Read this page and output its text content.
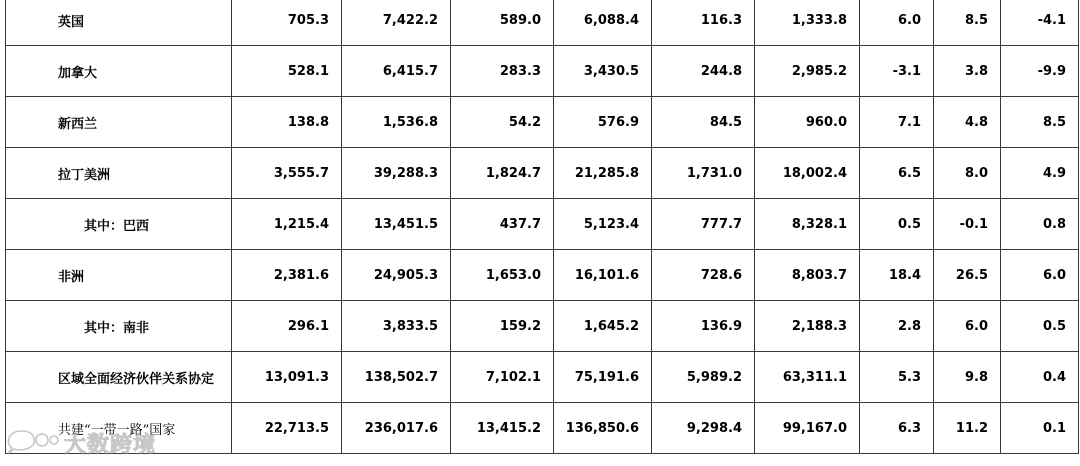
英国	705.3	7,422.2	589.0	6,088.4	116.3	1,333.8	6.0	8.5	-4.1
加拿大	528.1	6,415.7	283.3	3,430.5	244.8	2,985.2	-3.1	3.8	-9.9
新西兰	138.8	1,536.8	54.2	576.9	84.5	960.0	7.1	4.8	8.5
拉丁美洲	3,555.7	39,288.3	1,824.7	21,285.8	1,731.0	18,002.4	6.5	8.0	4.9
其中：巴西	1,215.4	13,451.5	437.7	5,123.4	777.7	8,328.1	0.5	-0.1	0.8
非洲	2,381.6	24,905.3	1,653.0	16,101.6	728.6	8,803.7	18.4	26.5	6.0
其中：南非	296.1	3,833.5	159.2	1,645.2	136.9	2,188.3	2.8	6.0	0.5
区域全面经济伙伴关系协定	13,091.3	138,502.7	7,102.1	75,191.6	5,989.2	63,311.1	5.3	9.8	0.4
共建“一带一路”国家	22,713.5	236,017.6	13,415.2	136,850.6	9,298.4	99,167.0	6.3	11.2	0.1
大数跨境
